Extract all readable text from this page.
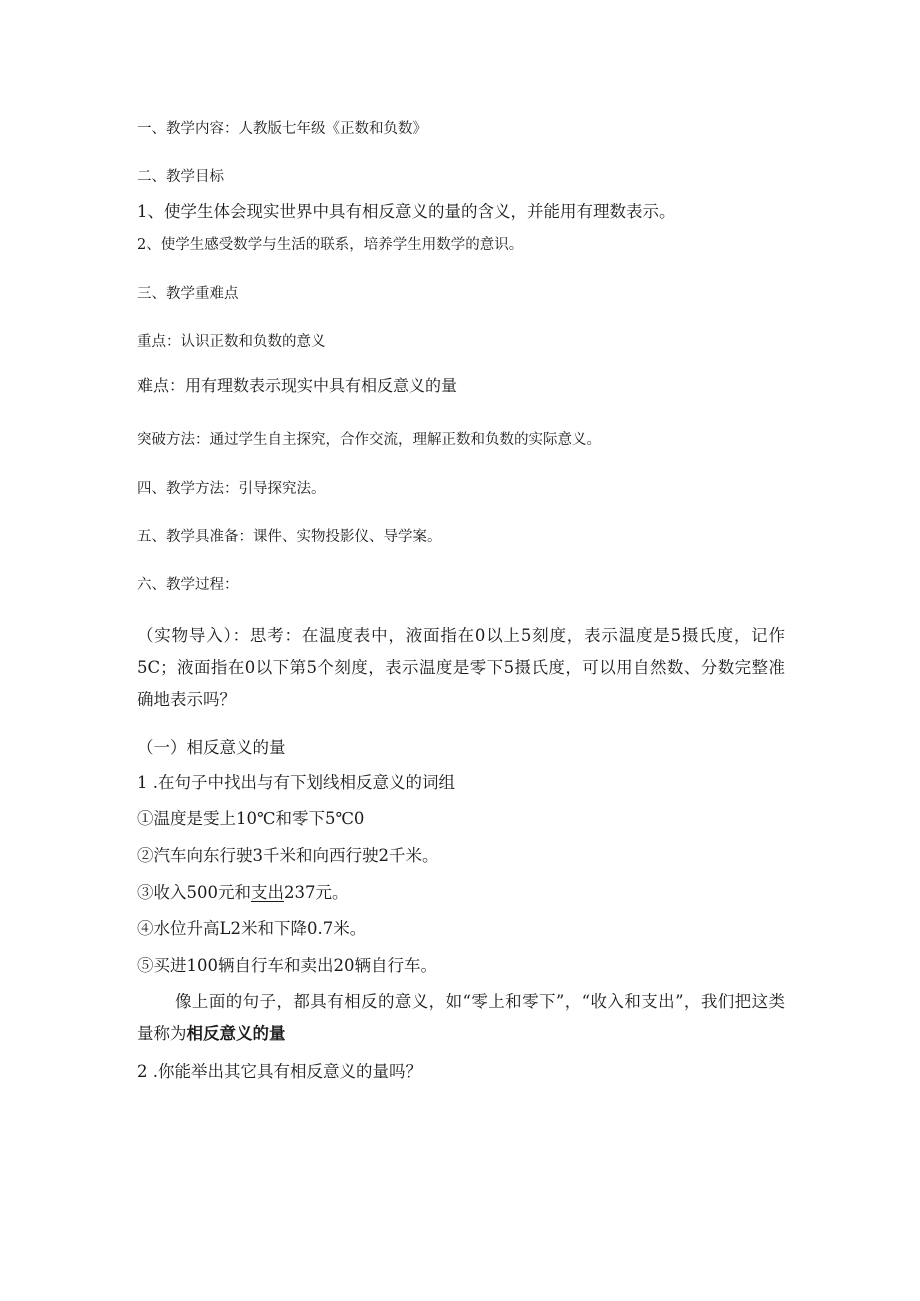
一、教学内容：人教版七年级《正数和负数》

二、教学目标

1、使学生体会现实世界中具有相反意义的量的含义，并能用有理数表示。

2、使学生感受数学与生活的联系，培养学生用数学的意识。

三、教学重难点

重点：认识正数和负数的意义

难点：用有理数表示现实中具有相反意义的量

突破方法：通过学生自主探究，合作交流，理解正数和负数的实际意义。

四、教学方法：引导探究法。

五、教学具准备：课件、实物投影仪、导学案。

六、教学过程：

（实物导入）：思考：在温度表中，液面指在0以上5刻度，表示温度是5摄氏度，记作5C；液面指在0以下第5个刻度，表示温度是零下5摄氏度，可以用自然数、分数完整准确地表示吗？

（一）相反意义的量

1 .在句子中找出与有下划线相反意义的词组

①温度是雯上10℃和零下5℃0

②汽车向东行驶3千米和向西行驶2千米。

③收入500元和支出237元。

④水位升高L2米和下降0.7米。

⑤买进100辆自行车和卖出20辆自行车。

像上面的句子，都具有相反的意义，如“零上和零下”，“收入和支出”，我们把这类量称为相反意义的量

2 .你能举出其它具有相反意义的量吗？
